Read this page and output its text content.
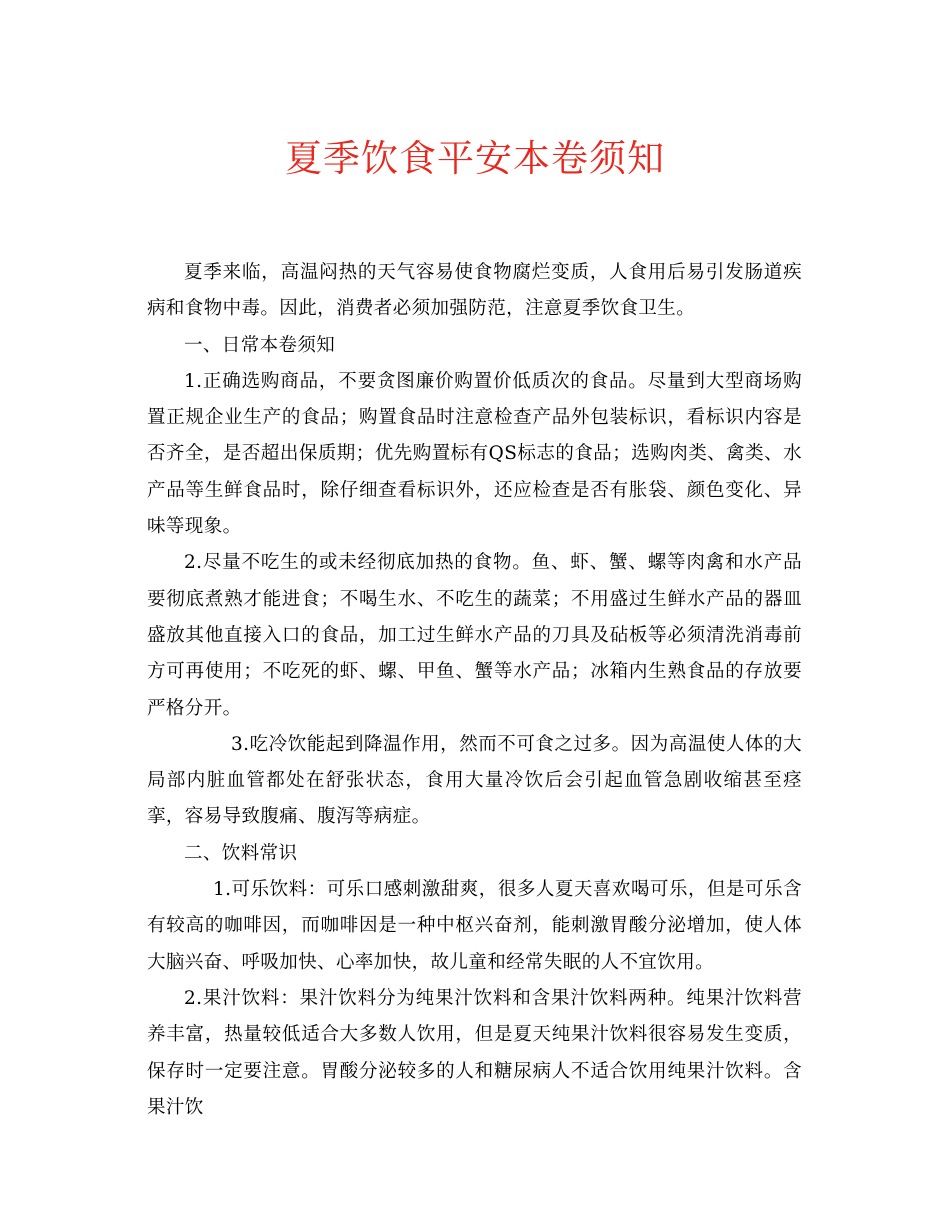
夏季饮食平安本卷须知

夏季来临，高温闷热的天气容易使食物腐烂变质，人食用后易引发肠道疾病和食物中毒。因此，消费者必须加强防范，注意夏季饮食卫生。

一、日常本卷须知

1.正确选购商品，不要贪图廉价购置价低质次的食品。尽量到大型商场购置正规企业生产的食品；购置食品时注意检查产品外包装标识，看标识内容是否齐全，是否超出保质期；优先购置标有QS标志的食品；选购肉类、禽类、水产品等生鲜食品时，除仔细查看标识外，还应检查是否有胀袋、颜色变化、异味等现象。

2.尽量不吃生的或未经彻底加热的食物。鱼、虾、蟹、螺等肉禽和水产品要彻底煮熟才能进食；不喝生水、不吃生的蔬菜；不用盛过生鲜水产品的器皿盛放其他直接入口的食品，加工过生鲜水产品的刀具及砧板等必须清洗消毒前方可再使用；不吃死的虾、螺、甲鱼、蟹等水产品；冰箱内生熟食品的存放要严格分开。

3.吃冷饮能起到降温作用，然而不可食之过多。因为高温使人体的大局部内脏血管都处在舒张状态，食用大量冷饮后会引起血管急剧收缩甚至痉挛，容易导致腹痛、腹泻等病症。

二、饮料常识

1.可乐饮料：可乐口感刺激甜爽，很多人夏天喜欢喝可乐，但是可乐含有较高的咖啡因，而咖啡因是一种中枢兴奋剂，能刺激胃酸分泌增加，使人体大脑兴奋、呼吸加快、心率加快，故儿童和经常失眠的人不宜饮用。

2.果汁饮料：果汁饮料分为纯果汁饮料和含果汁饮料两种。纯果汁饮料营养丰富，热量较低适合大多数人饮用，但是夏天纯果汁饮料很容易发生变质，保存时一定要注意。胃酸分泌较多的人和糖尿病人不适合饮用纯果汁饮料。含果汁饮
